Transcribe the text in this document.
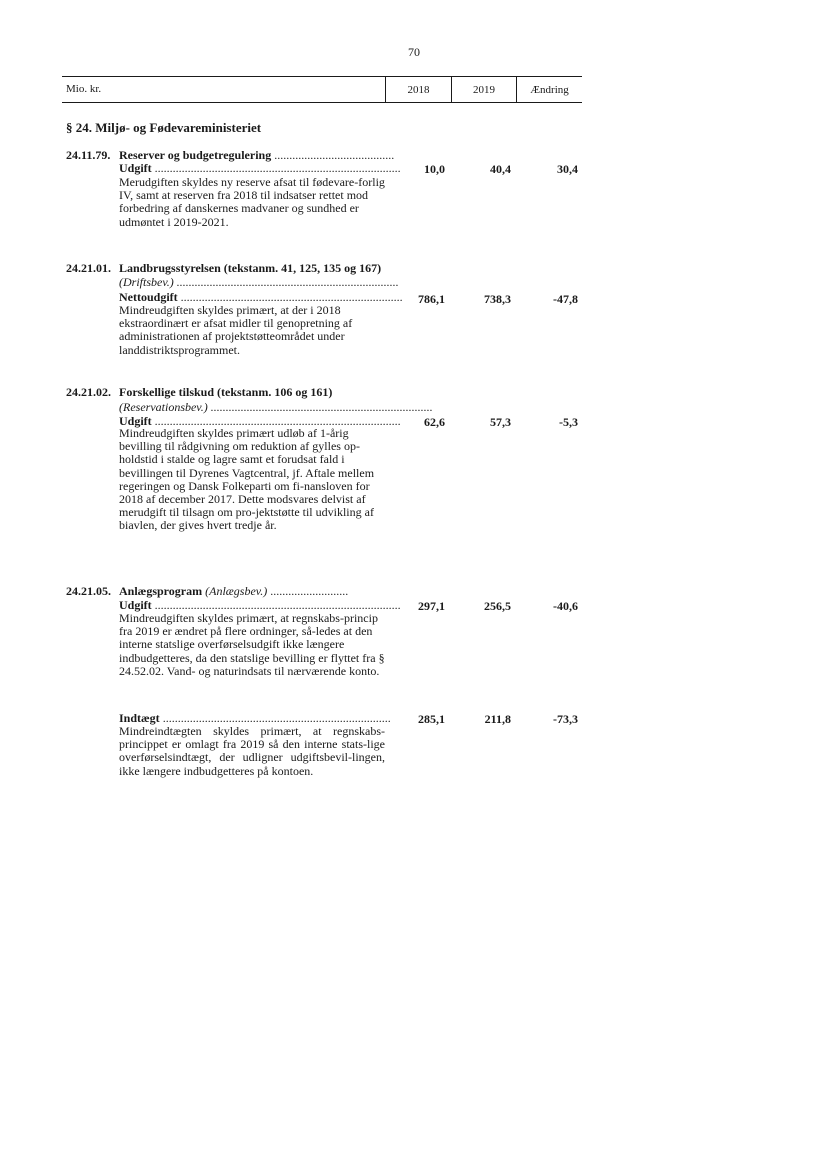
70
Mio. kr.	2018	2019	Ændring
§ 24. Miljø- og Fødevareministeriet
24.11.79. Reserver og budgetregulering ........................................
Udgift ..................................................................................	10,0	40,4	30,4
Merudgiften skyldes ny reserve afsat til fødevare-forlig IV, samt at reserven fra 2018 til indsatser rettet mod forbedring af danskernes madvaner og sundhed er udmøntet i 2019-2021.
24.21.01. Landbrugsstyrelsen (tekstanm. 41, 125, 135 og 167)
(Driftsbev.) ..........................................................................
Nettoudgift ..........................................................................	786,1	738,3	-47,8
Mindreudgiften skyldes primært, at der i 2018 ekstraordinært er afsat midler til genopretning af administrationen af projektstøtteområdet under landdistriktsprogrammet.
24.21.02. Forskellige tilskud (tekstanm. 106 og 161)
(Reservationsbev.) ..........................................................................
Udgift ..................................................................................	62,6	57,3	-5,3
Mindreudgiften skyldes primært udløb af 1-årig bevilling til rådgivning om reduktion af gylles op-holdstid i stalde og lagre samt et forudsat fald i bevillingen til Dyrenes Vagtcentral, jf. Aftale mellem regeringen og Dansk Folkeparti om fi-nansloven for 2018 af december 2017. Dette modsvares delvist af merudgift til tilsagn om pro-jektstøtte til udvikling af biavlen, der gives hvert tredje år.
24.21.05. Anlægsprogram (Anlægsbev.) ..........................
Udgift ..................................................................................	297,1	256,5	-40,6
Mindreudgiften skyldes primært, at regnskabs-princip fra 2019 er ændret på flere ordninger, så-ledes at den interne statslige overførselsudgift ikke længere indbudgetteres, da den statslige bevilling er flyttet fra § 24.52.02. Vand- og naturindsats til nærværende konto.
Indtægt ............................................................................	285,1	211,8	-73,3
Mindreindtægten skyldes primært, at regnskabs-princippet er omlagt fra 2019 så den interne stats-lige overførselsindtægt, der udligner udgiftsbevil-lingen, ikke længere indbudgetteres på kontoen.
